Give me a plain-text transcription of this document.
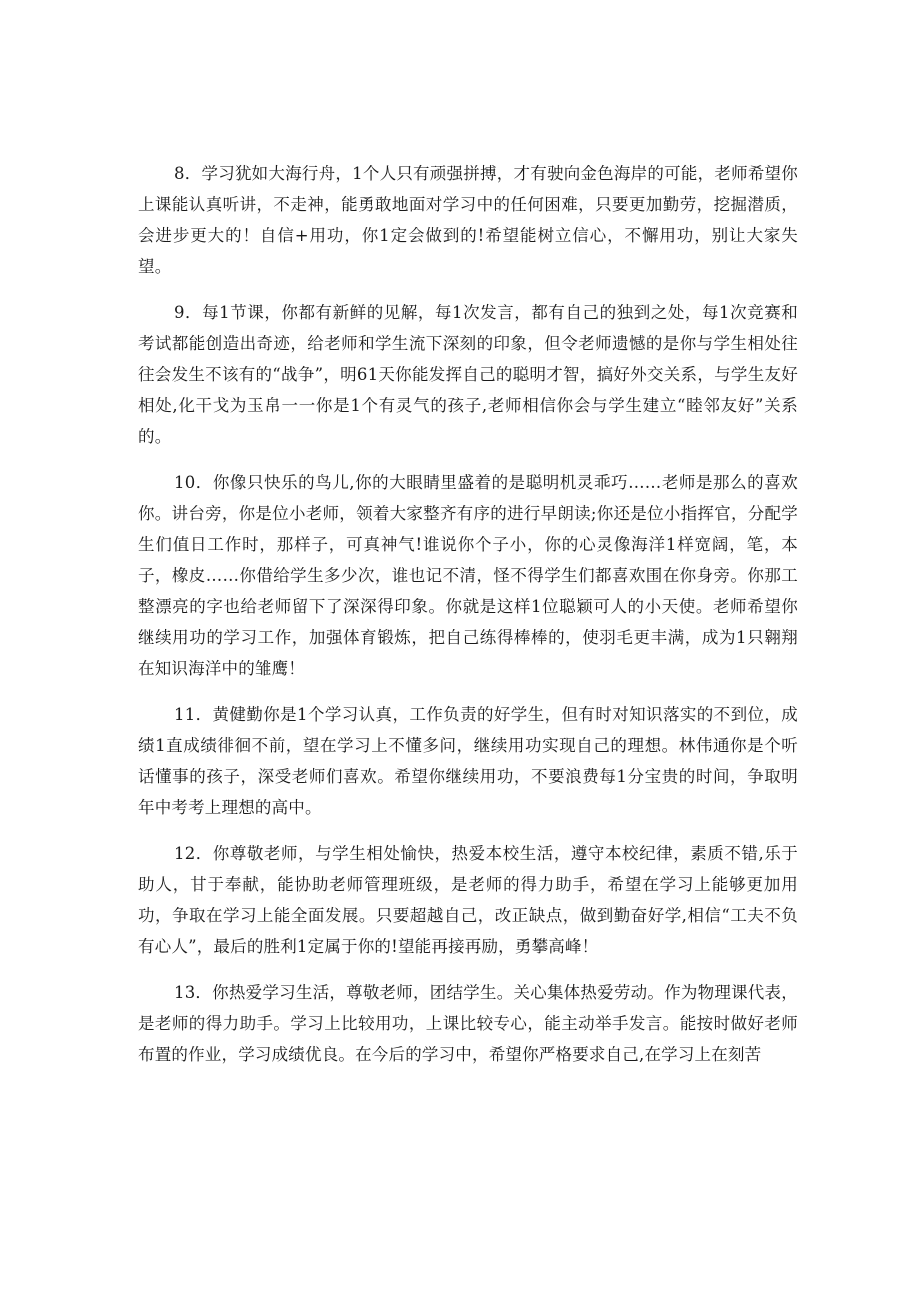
8．学习犹如大海行舟，1个人只有顽强拼搏，才有驶向金色海岸的可能，老师希望你上课能认真听讲，不走神，能勇敢地面对学习中的任何困难，只要更加勤劳，挖掘潜质，会进步更大的！自信+用功，你1定会做到的!希望能树立信心，不懈用功，别让大家失望。

9．每1节课，你都有新鲜的见解，每1次发言，都有自己的独到之处，每1次竞赛和考试都能创造出奇迹，给老师和学生流下深刻的印象，但令老师遗憾的是你与学生相处往往会发生不该有的“战争”，明61天你能发挥自己的聪明才智，搞好外交关系，与学生友好相处,化干戈为玉帛一一你是1个有灵气的孩子,老师相信你会与学生建立“睦邻友好”关系的。

10．你像只快乐的鸟儿,你的大眼睛里盛着的是聪明机灵乖巧……老师是那么的喜欢你。讲台旁，你是位小老师，领着大家整齐有序的进行早朗读;你还是位小指挥官，分配学生们值日工作时，那样子，可真神气!谁说你个子小，你的心灵像海洋1样宽阔，笔，本子，橡皮……你借给学生多少次，谁也记不清，怪不得学生们都喜欢围在你身旁。你那工整漂亮的字也给老师留下了深深得印象。你就是这样1位聪颖可人的小天使。老师希望你继续用功的学习工作，加强体育锻炼，把自己练得棒棒的，使羽毛更丰满，成为1只翱翔在知识海洋中的雏鹰！

11．黄健勤你是1个学习认真，工作负责的好学生，但有时对知识落实的不到位，成绩1直成绩徘徊不前，望在学习上不懂多问，继续用功实现自己的理想。林伟通你是个听话懂事的孩子，深受老师们喜欢。希望你继续用功，不要浪费每1分宝贵的时间，争取明年中考考上理想的高中。

12．你尊敬老师，与学生相处愉快，热爱本校生活，遵守本校纪律，素质不错,乐于助人，甘于奉献，能协助老师管理班级，是老师的得力助手，希望在学习上能够更加用功，争取在学习上能全面发展。只要超越自己，改正缺点，做到勤奋好学,相信“工夫不负有心人”，最后的胜利1定属于你的!望能再接再励，勇攀高峰！

13．你热爱学习生活，尊敬老师，团结学生。关心集体热爱劳动。作为物理课代表，是老师的得力助手。学习上比较用功，上课比较专心，能主动举手发言。能按时做好老师布置的作业，学习成绩优良。在今后的学习中，希望你严格要求自己,在学习上在刻苦
